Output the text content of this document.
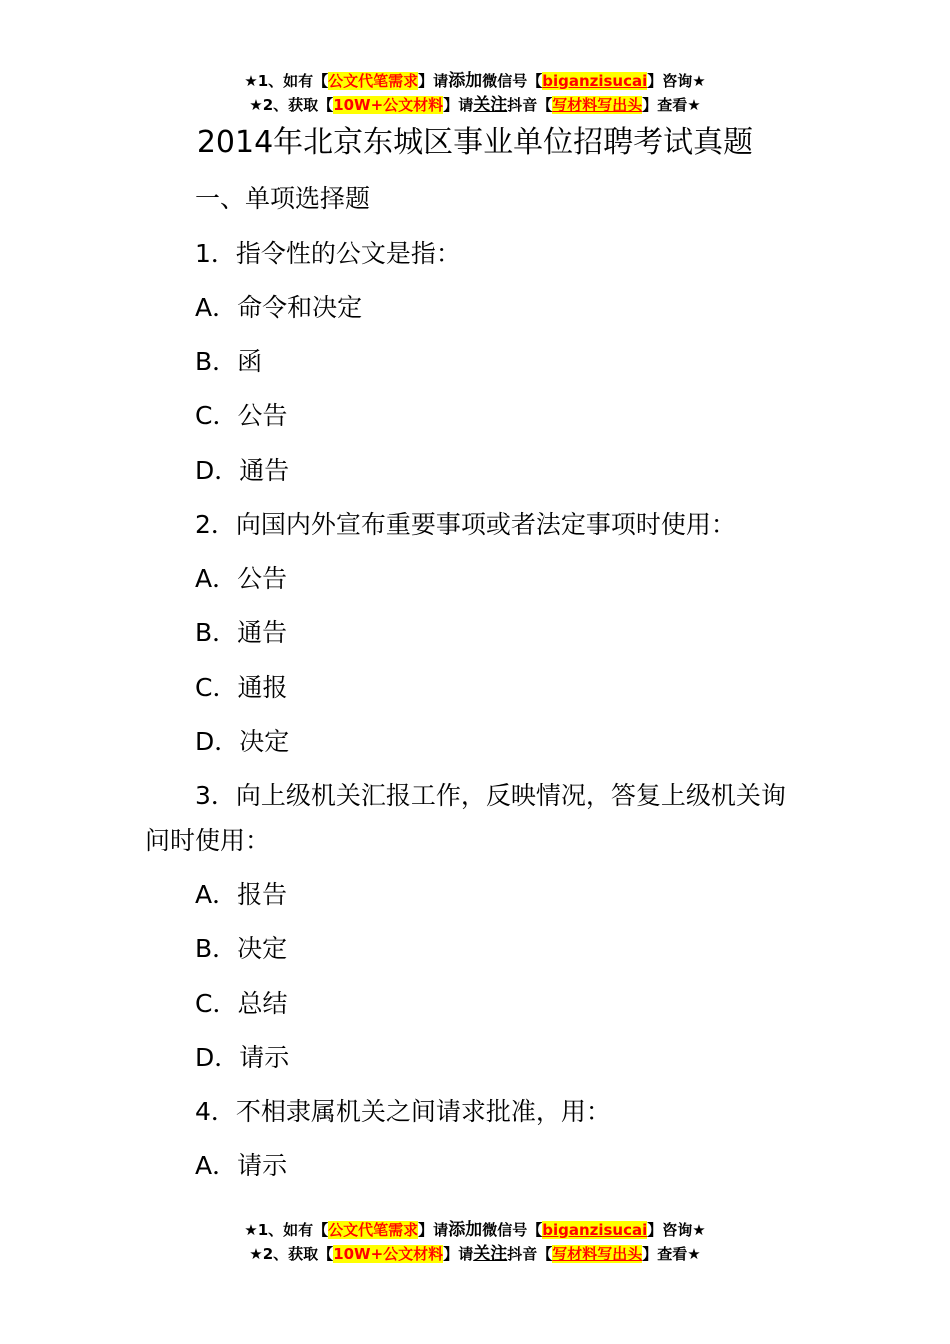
★1、如有【公文代笔需求】请添加微信号【biganzisucai】咨询★
★2、获取【10W+公文材料】请关注抖音【写材料写出头】查看★
2014年北京东城区事业单位招聘考试真题
一、单项选择题
1．指令性的公文是指：
A．命令和决定
B．函
C．公告
D．通告
2．向国内外宣布重要事项或者法定事项时使用：
A．公告
B．通告
C．通报
D．决定
3．向上级机关汇报工作，反映情况，答复上级机关询
问时使用：
A．报告
B．决定
C．总结
D．请示
4．不相隶属机关之间请求批准，用：
A．请示
★1、如有【公文代笔需求】请添加微信号【biganzisucai】咨询★
★2、获取【10W+公文材料】请关注抖音【写材料写出头】查看★
